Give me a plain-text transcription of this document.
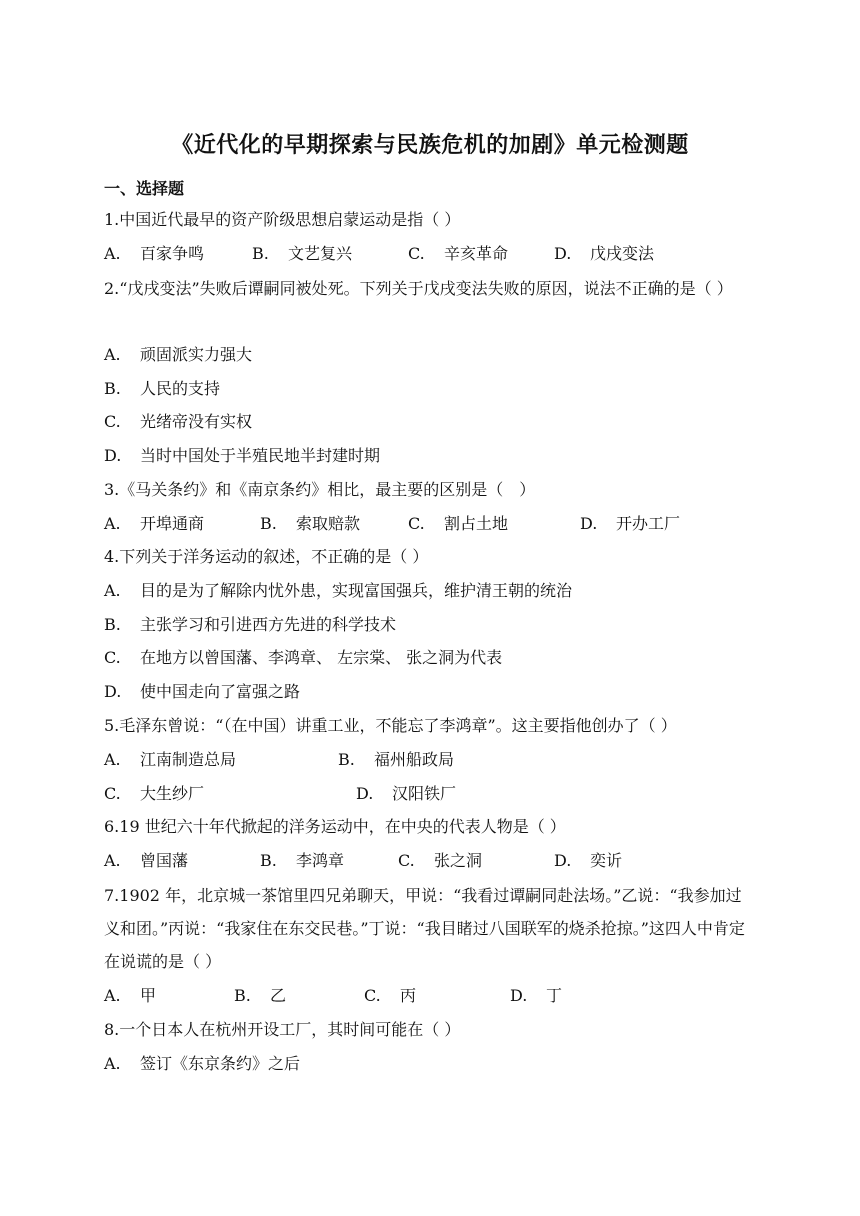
《近代化的早期探索与民族危机的加剧》单元检测题
一、选择题
1.中国近代最早的资产阶级思想启蒙运动是指（ ）
A. 百家争鸣	B. 文艺复兴	C. 辛亥革命	D. 戊戌变法
2.“戊戌变法”失败后谭嗣同被处死。下列关于戊戌变法失败的原因，说法不正确的是（ ）
A. 顽固派实力强大
B. 人民的支持
C. 光绪帝没有实权
D. 当时中国处于半殖民地半封建时期
3.《马关条约》和《南京条约》相比，最主要的区别是（　）
A. 开埠通商	B. 索取赔款	C. 割占土地	D. 开办工厂
4.下列关于洋务运动的叙述，不正确的是（ ）
A. 目的是为了解除内忧外患，实现富国强兵，维护清王朝的统治
B. 主张学习和引进西方先进的科学技术
C. 在地方以曾国藩、李鸿章、 左宗棠、 张之洞为代表
D. 使中国走向了富强之路
5.毛泽东曾说：“（在中国）讲重工业，不能忘了李鸿章”。这主要指他创办了（ ）
A. 江南制造总局	B. 福州船政局
C. 大生纱厂	D. 汉阳铁厂
6.19 世纪六十年代掀起的洋务运动中，在中央的代表人物是（ ）
A. 曾国藩	B. 李鸿章	C. 张之洞	D. 奕䜣
7.1902 年，北京城一茶馆里四兄弟聊天，甲说：“我看过谭嗣同赴法场。”乙说：“我参加过义和团。”丙说：“我家住在东交民巷。”丁说：“我目睹过八国联军的烧杀抢掠。”这四人中肯定在说谎的是（ ）
A. 甲	B. 乙	C. 丙	D. 丁
8.一个日本人在杭州开设工厂，其时间可能在（ ）
A. 签订《东京条约》之后
